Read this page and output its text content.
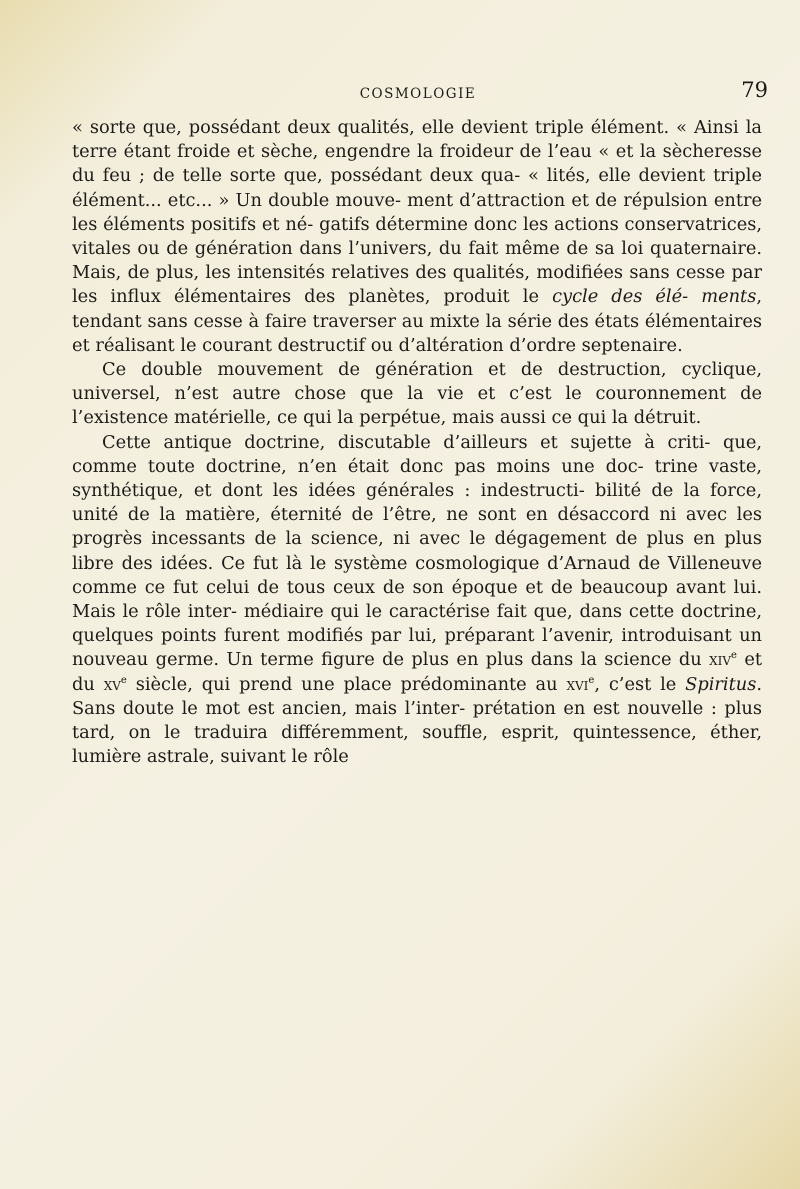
COSMOLOGIE	79

« sorte que, possédant deux qualités, elle devient triple élément. « Ainsi la terre étant froide et sèche, engendre la froideur de l’eau « et la sècheresse du feu ; de telle sorte que, possédant deux qua- « lités, elle devient triple élément... etc... » Un double mouve- ment d’attraction et de répulsion entre les éléments positifs et né- gatifs détermine donc les actions conservatrices, vitales ou de génération dans l’univers, du fait même de sa loi quaternaire. Mais, de plus, les intensités relatives des qualités, modifiées sans cesse par les influx élémentaires des planètes, produit le cycle des élé- ments, tendant sans cesse à faire traverser au mixte la série des états élémentaires et réalisant le courant destructif ou d’altération d’ordre septenaire.

Ce double mouvement de génération et de destruction, cyclique, universel, n’est autre chose que la vie et c’est le couronnement de l’existence matérielle, ce qui la perpétue, mais aussi ce qui la détruit.

Cette antique doctrine, discutable d’ailleurs et sujette à criti- que, comme toute doctrine, n’en était donc pas moins une doc- trine vaste, synthétique, et dont les idées générales : indestructi- bilité de la force, unité de la matière, éternité de l’être, ne sont en désaccord ni avec les progrès incessants de la science, ni avec le dégagement de plus en plus libre des idées. Ce fut là le système cosmologique d’Arnaud de Villeneuve comme ce fut celui de tous ceux de son époque et de beaucoup avant lui. Mais le rôle inter- médiaire qui le caractérise fait que, dans cette doctrine, quelques points furent modifiés par lui, préparant l’avenir, introduisant un nouveau germe. Un terme figure de plus en plus dans la science du xiv$^e$ et du $xv^e$ siècle, qui prend une place prédominante au xvi$^e$, c’est le Spiritus. Sans doute le mot est ancien, mais l’inter- prétation en est nouvelle : plus tard, on le traduira différemment, souffle, esprit, quintessence, éther, lumière astrale, suivant le rôle
